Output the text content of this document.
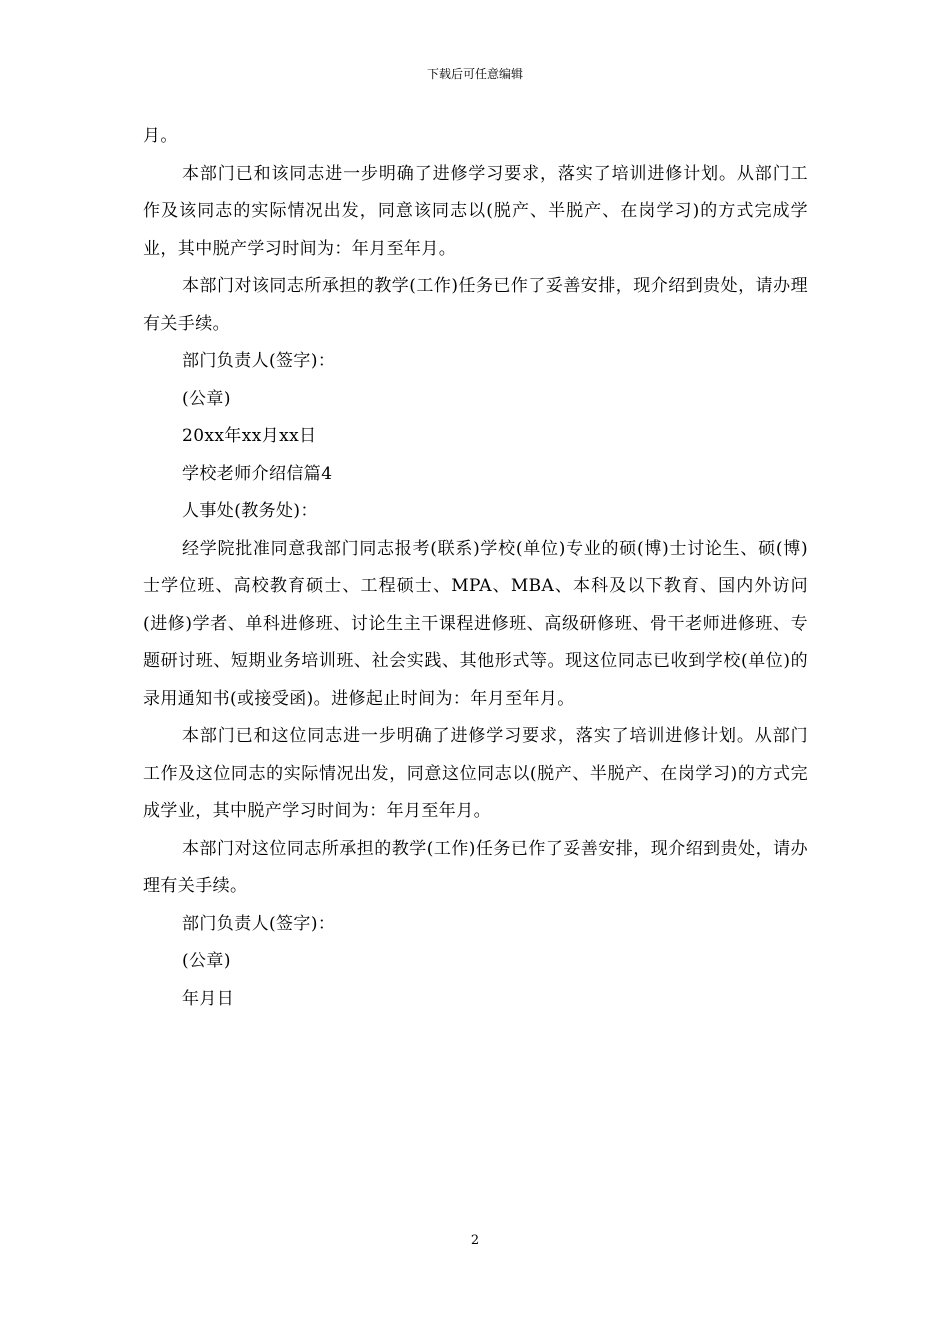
下载后可任意编辑

月。

本部门已和该同志进一步明确了进修学习要求，落实了培训进修计划。从部门工作及该同志的实际情况出发，同意该同志以(脱产、半脱产、在岗学习)的方式完成学业，其中脱产学习时间为：年月至年月。

本部门对该同志所承担的教学(工作)任务已作了妥善安排，现介绍到贵处，请办理有关手续。

部门负责人(签字)：

(公章)

20xx年xx月xx日

学校老师介绍信篇4

人事处(教务处)：

经学院批准同意我部门同志报考(联系)学校(单位)专业的硕(博)士讨论生、硕(博)士学位班、高校教育硕士、工程硕士、MPA、MBA、本科及以下教育、国内外访问(进修)学者、单科进修班、讨论生主干课程进修班、高级研修班、骨干老师进修班、专题研讨班、短期业务培训班、社会实践、其他形式等。现这位同志已收到学校(单位)的录用通知书(或接受函)。进修起止时间为：年月至年月。

本部门已和这位同志进一步明确了进修学习要求，落实了培训进修计划。从部门工作及这位同志的实际情况出发，同意这位同志以(脱产、半脱产、在岗学习)的方式完成学业，其中脱产学习时间为：年月至年月。

本部门对这位同志所承担的教学(工作)任务已作了妥善安排，现介绍到贵处，请办理有关手续。

部门负责人(签字)：

(公章)

年月日

2
